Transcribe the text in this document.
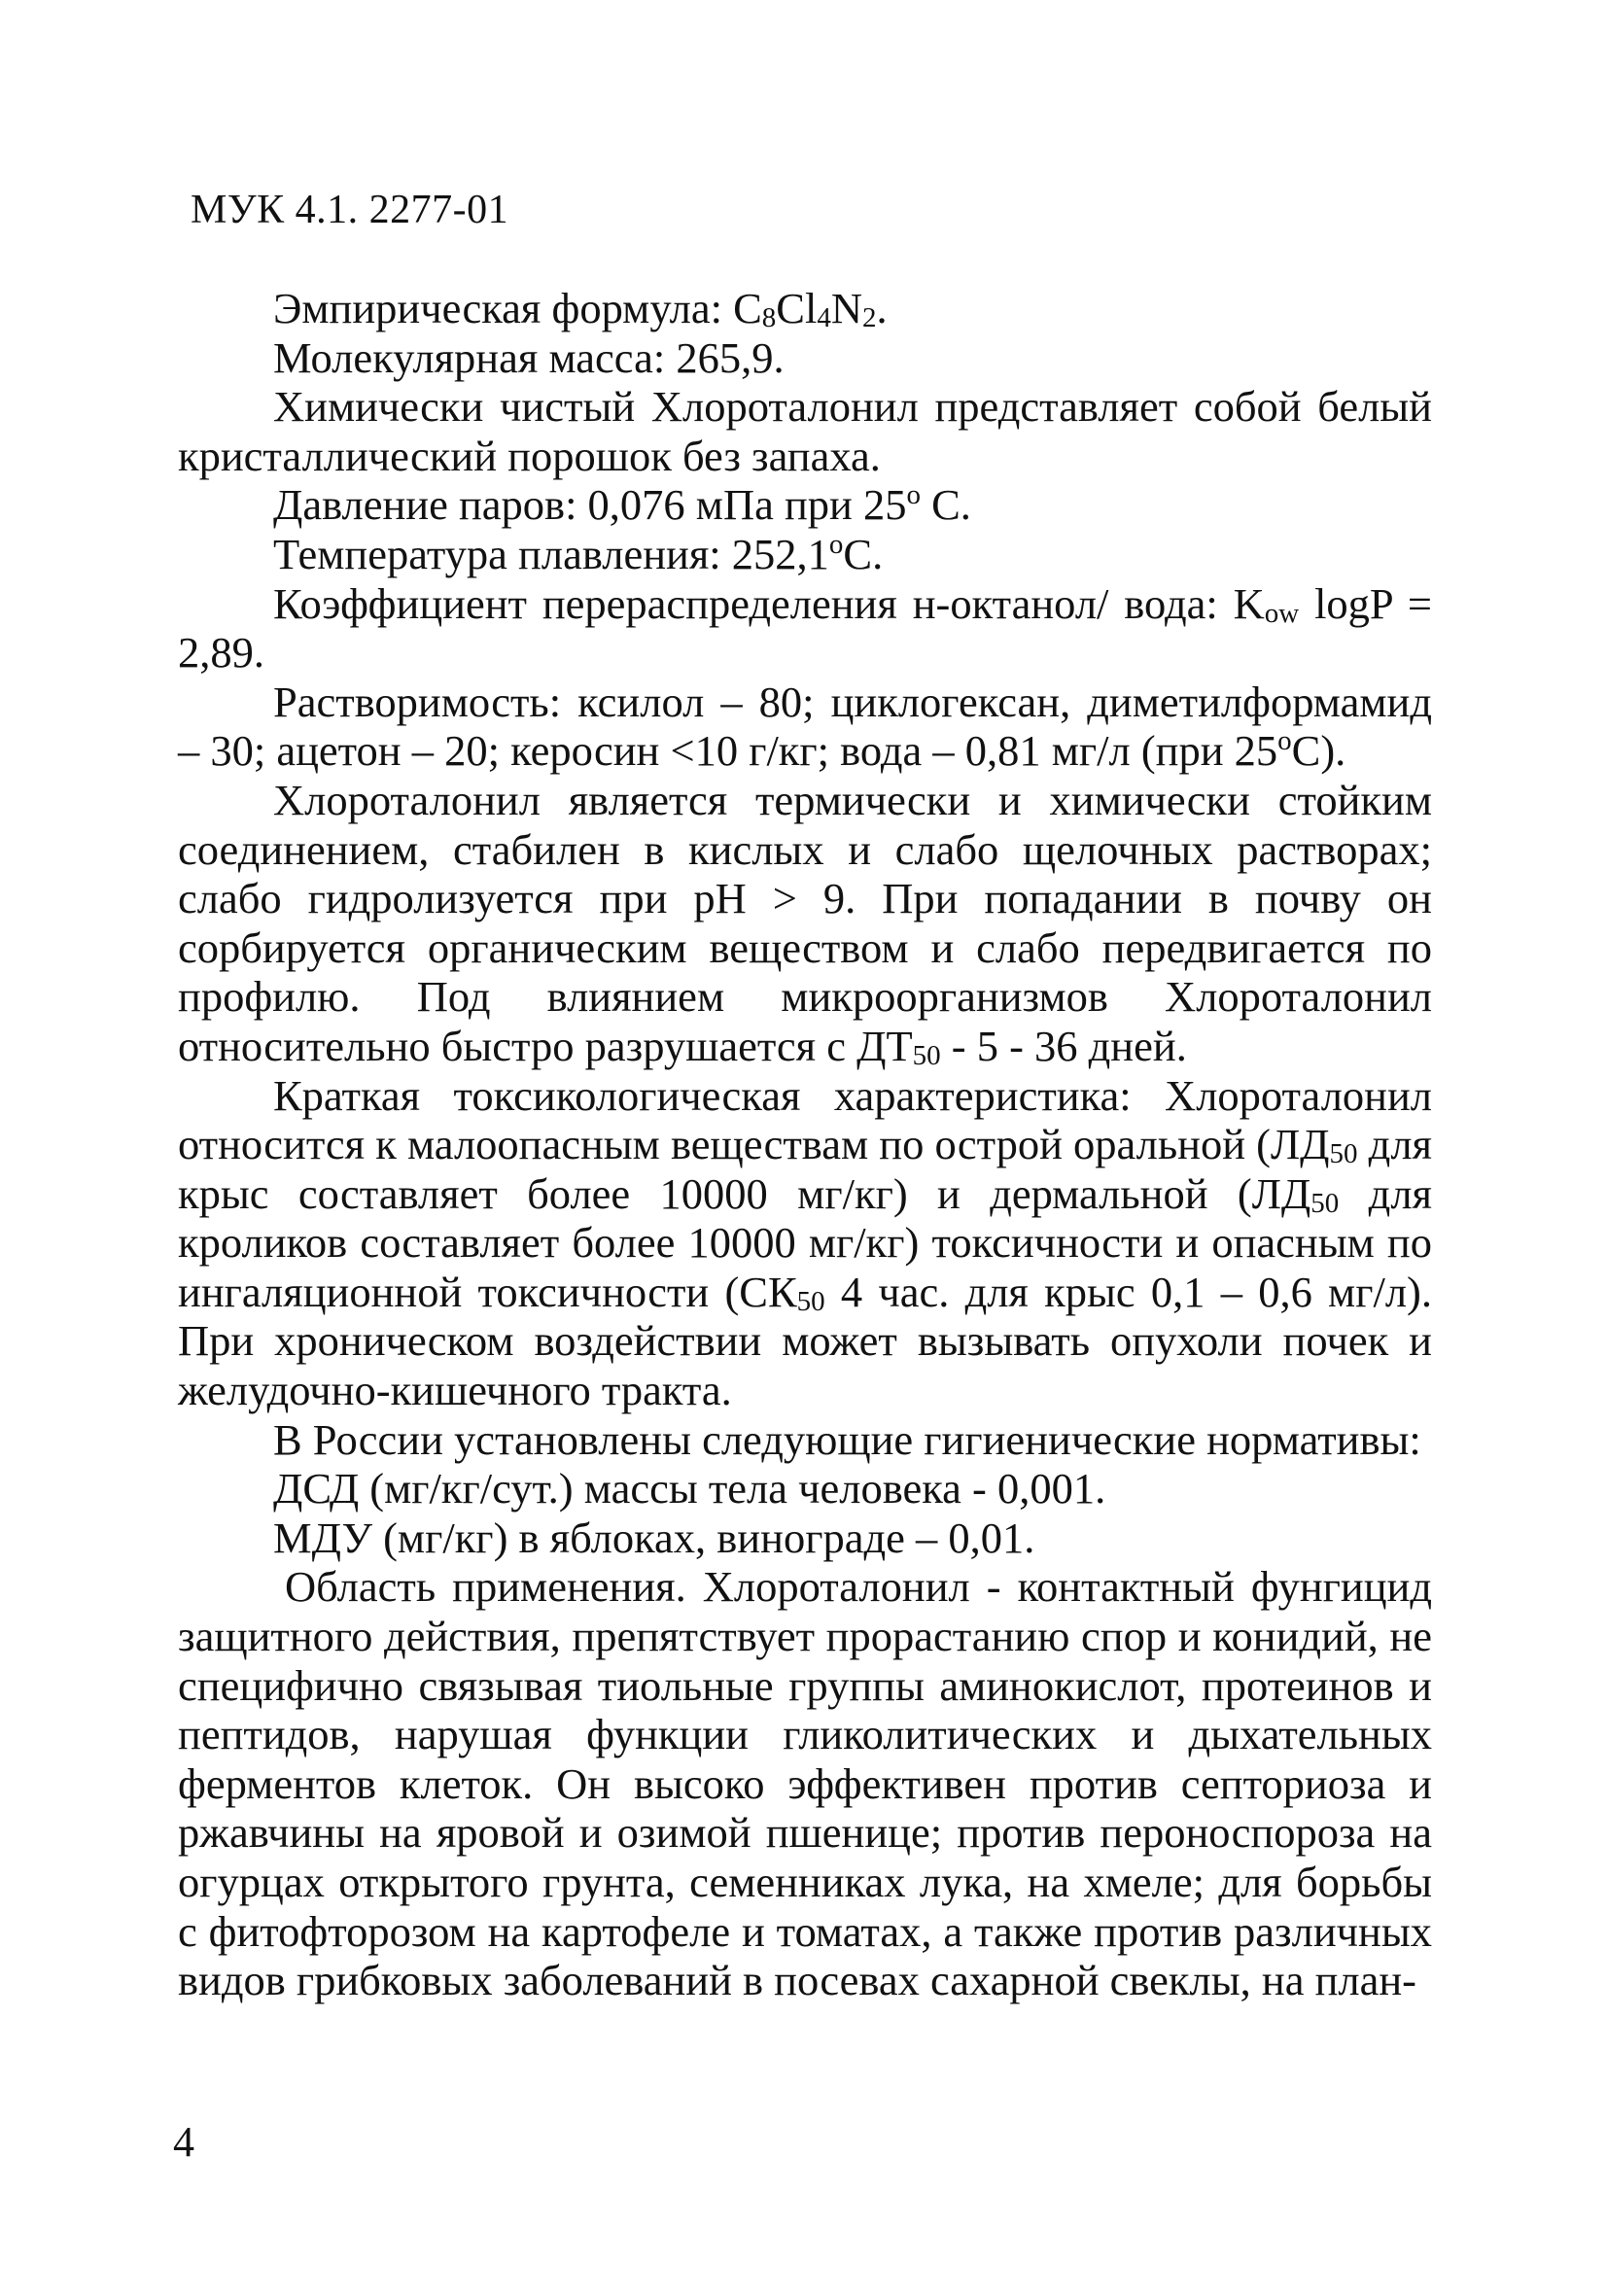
МУК 4.1. 2277-01

Эмпирическая формула: $C_8Cl_4N_2$.

Молекулярная масса: 265,9.

Химически чистый Хлороталонил представляет собой белый кристаллический порошок без запаха.

Давление паров: 0,076 мПа при 25$^o$ С.

Температура плавления: 252,1$^o$С.

Коэффициент перераспределения н-октанол/ вода: $K_{ow}$ logP = 2,89.

Растворимость: ксилол – 80; циклогексан, диметилформамид – 30; ацетон – 20; керосин <10 г/кг; вода – 0,81 мг/л (при 25$^o$С).

Хлороталонил является термически и химически стойким соединением, стабилен в кислых и слабо щелочных растворах; слабо гидролизуется при pH > 9. При попадании в почву он сорбируется органическим веществом и слабо передвигается по профилю. Под влиянием микроорганизмов Хлороталонил относительно быстро разрушается с $ДТ_{50} - 5 - 36$ дней.

Краткая токсикологическая характеристика: Хлороталонил относится к малоопасным веществам по острой оральной ($ЛД_{50}$ для крыс составляет более 10000 мг/кг) и дермальной ($ЛД_{50}$ для кроликов составляет более 10000 мг/кг) токсичности и опасным по ингаляционной токсичности ($СК_{50}$ 4 час. для крыс 0,1 – 0,6 мг/л). При хроническом воздействии может вызывать опухоли почек и желудочно-кишечного тракта.

В России установлены следующие гигиенические нормативы:

ДСД (мг/кг/сут.) массы тела человека - 0,001.

МДУ (мг/кг) в яблоках, винограде – 0,01.

Область применения. Хлороталонил - контактный фунгицид защитного действия, препятствует прорастанию спор и конидий, не специфично связывая тиольные группы аминокислот, протеинов и пептидов, нарушая функции гликолитических и дыхательных ферментов клеток. Он высоко эффективен против септориоза и ржавчины на яровой и озимой пшенице; против пероноспороза на огурцах открытого грунта, семенниках лука, на хмеле; для борьбы с фитофторозом на картофеле и томатах, а также против различных видов грибковых заболеваний в посевах сахарной свеклы, на план-

4
